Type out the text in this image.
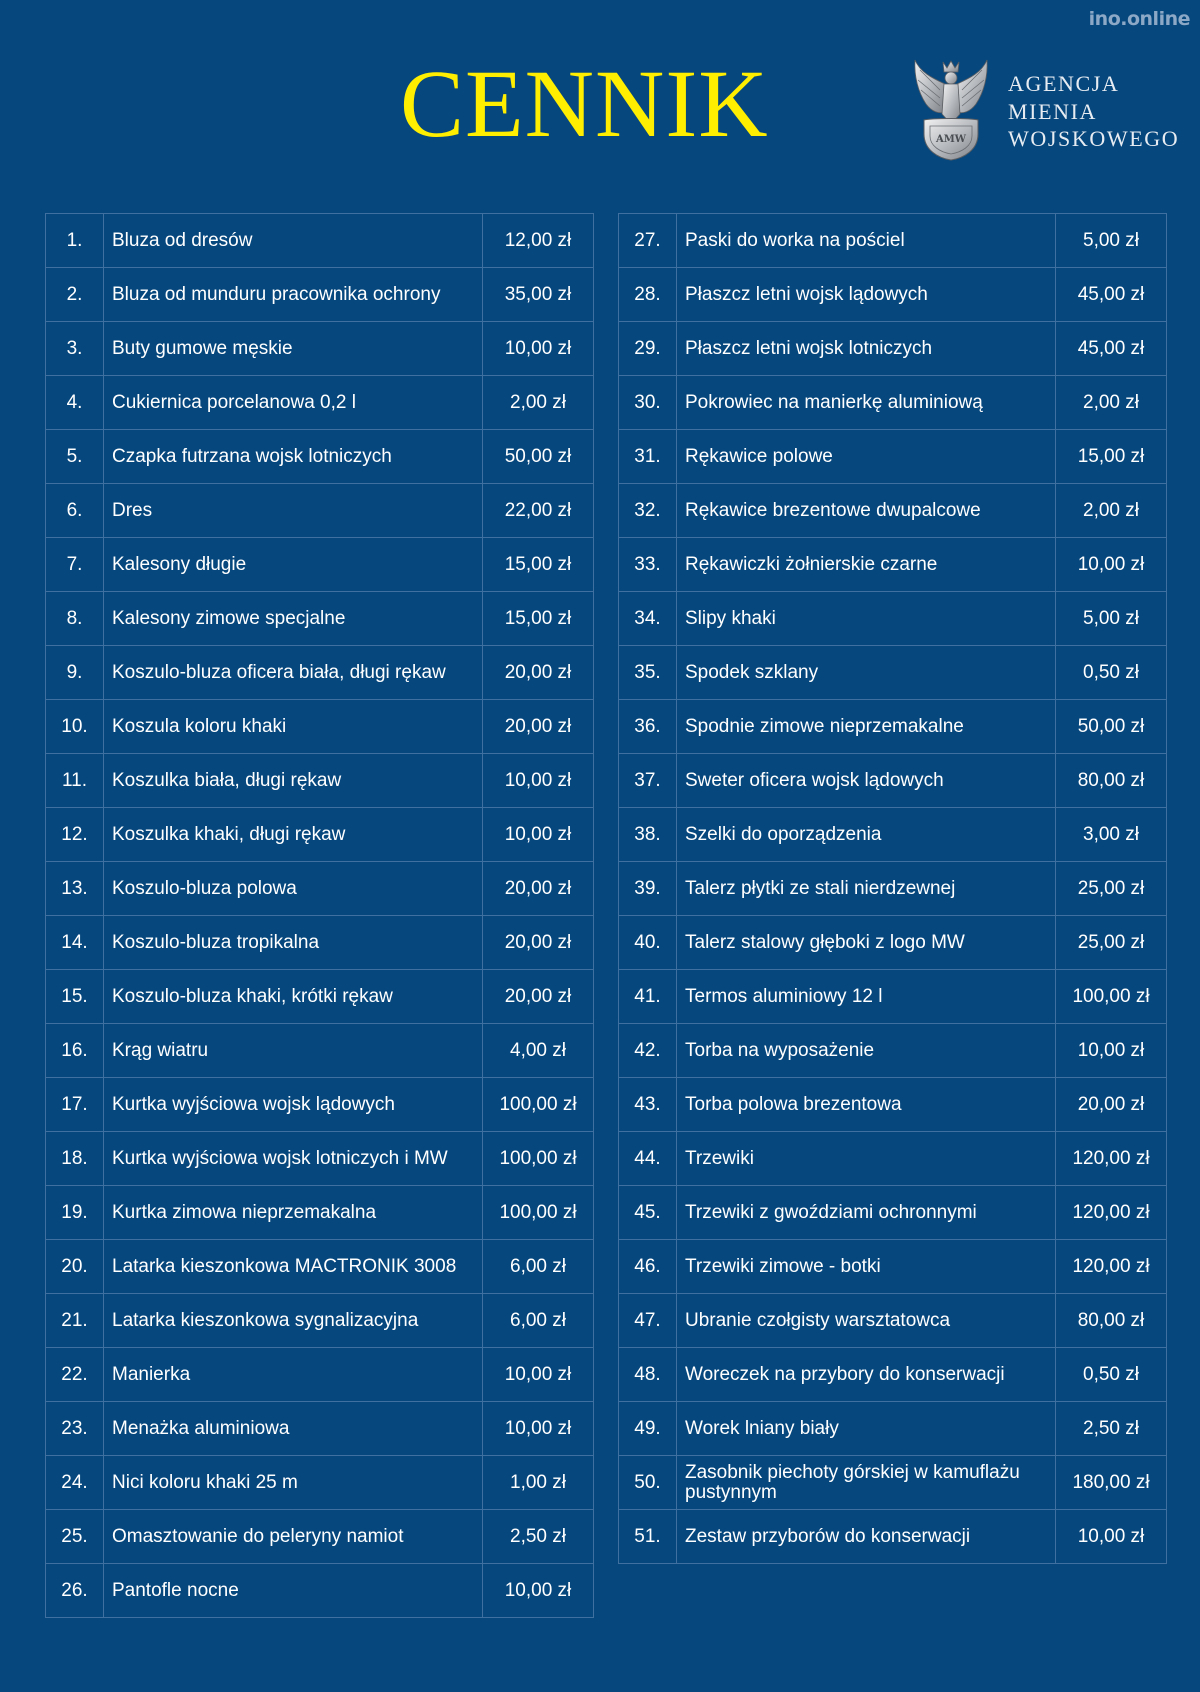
ino.online
CENNIK	AMW
AGENCJA
MIENIA
WOJSKOWEGO
1.	Bluza od dresów	12,00 zł
2.	Bluza od munduru pracownika ochrony	35,00 zł
3.	Buty gumowe męskie	10,00 zł
4.	Cukiernica porcelanowa 0,2 l	2,00 zł
5.	Czapka futrzana wojsk lotniczych	50,00 zł
6.	Dres	22,00 zł
7.	Kalesony długie	15,00 zł
8.	Kalesony zimowe specjalne	15,00 zł
9.	Koszulo-bluza oficera biała, długi rękaw	20,00 zł
10.	Koszula koloru khaki	20,00 zł
11.	Koszulka biała, długi rękaw	10,00 zł
12.	Koszulka khaki, długi rękaw	10,00 zł
13.	Koszulo-bluza polowa	20,00 zł
14.	Koszulo-bluza tropikalna	20,00 zł
15.	Koszulo-bluza khaki, krótki rękaw	20,00 zł
16.	Krąg wiatru	4,00 zł
17.	Kurtka wyjściowa wojsk lądowych	100,00 zł
18.	Kurtka wyjściowa wojsk lotniczych i MW	100,00 zł
19.	Kurtka zimowa nieprzemakalna	100,00 zł
20.	Latarka kieszonkowa MACTRONIK 3008	6,00 zł
21.	Latarka kieszonkowa sygnalizacyjna	6,00 zł
22.	Manierka	10,00 zł
23.	Menażka aluminiowa	10,00 zł
24.	Nici koloru khaki 25 m	1,00 zł
25.	Omasztowanie do peleryny namiot	2,50 zł
26.	Pantofle nocne	10,00 zł
27.	Paski do worka na pościel	5,00 zł
28.	Płaszcz letni wojsk lądowych	45,00 zł
29.	Płaszcz letni wojsk lotniczych	45,00 zł
30.	Pokrowiec na manierkę aluminiową	2,00 zł
31.	Rękawice polowe	15,00 zł
32.	Rękawice brezentowe dwupalcowe	2,00 zł
33.	Rękawiczki żołnierskie czarne	10,00 zł
34.	Slipy khaki	5,00 zł
35.	Spodek szklany	0,50 zł
36.	Spodnie zimowe nieprzemakalne	50,00 zł
37.	Sweter oficera wojsk lądowych	80,00 zł
38.	Szelki do oporządzenia	3,00 zł
39.	Talerz płytki ze stali nierdzewnej	25,00 zł
40.	Talerz stalowy głęboki z logo MW	25,00 zł
41.	Termos aluminiowy 12 l	100,00 zł
42.	Torba na wyposażenie	10,00 zł
43.	Torba polowa brezentowa	20,00 zł
44.	Trzewiki	120,00 zł
45.	Trzewiki z gwoździami ochronnymi	120,00 zł
46.	Trzewiki zimowe - botki	120,00 zł
47.	Ubranie czołgisty warsztatowca	80,00 zł
48.	Woreczek na przybory do konserwacji	0,50 zł
49.	Worek lniany biały	2,50 zł
50.	Zasobnik piechoty górskiej w kamuflażu pustynnym	180,00 zł
51.	Zestaw przyborów do konserwacji	10,00 zł
